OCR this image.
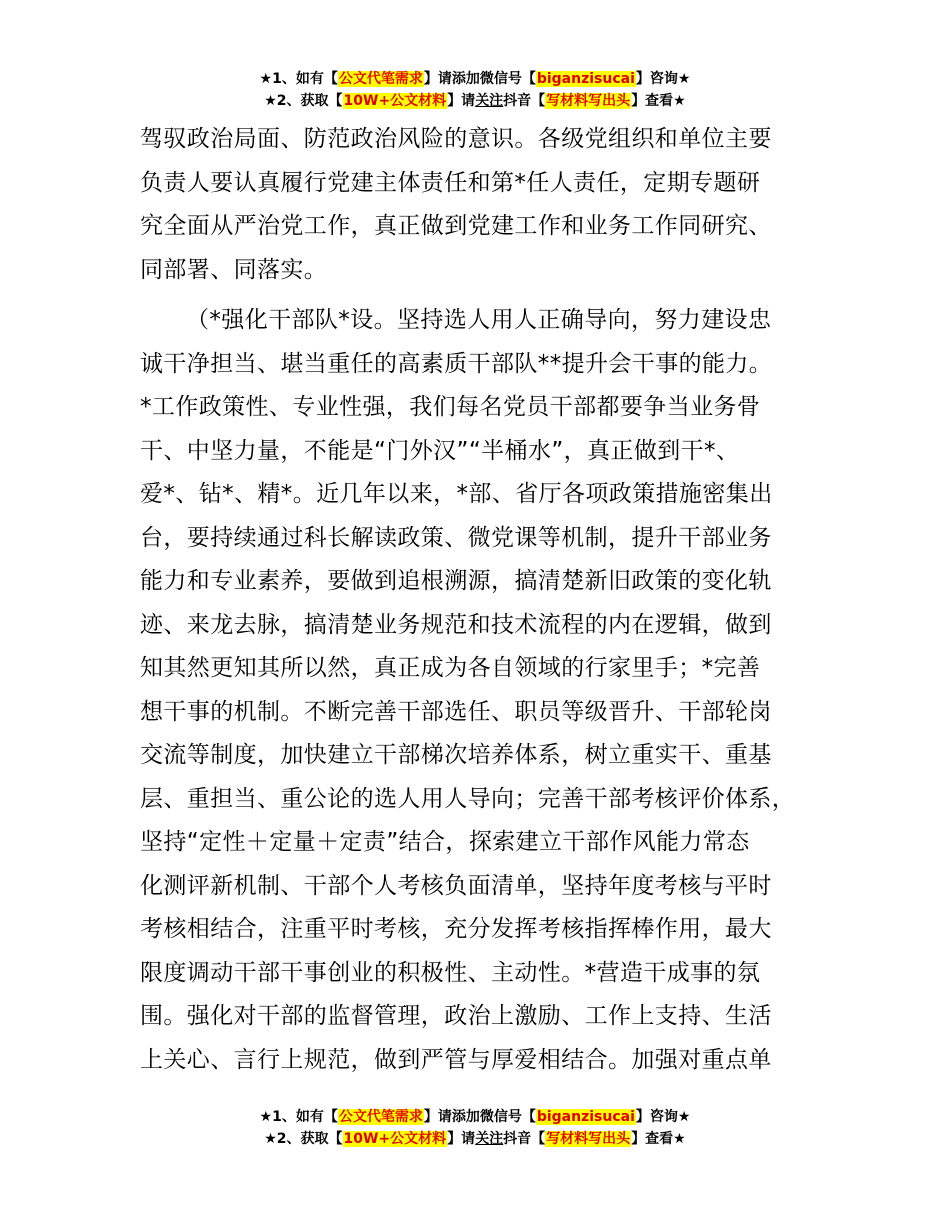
★1、如有【公文代笔需求】请添加微信号【biganzisucai】咨询★
★2、获取【10W+公文材料】请关注抖音【写材料写出头】查看★

驾驭政治局面、防范政治风险的意识。各级党组织和单位主要
负责人要认真履行党建主体责任和第*任人责任，定期专题研
究全面从严治党工作，真正做到党建工作和业务工作同研究、
同部署、同落实。

（*强化干部队*设。坚持选人用人正确导向，努力建设忠
诚干净担当、堪当重任的高素质干部队**提升会干事的能力。
*工作政策性、专业性强，我们每名党员干部都要争当业务骨
干、中坚力量，不能是“门外汉”“半桶水”，真正做到干*、
爱*、钻*、精*。近几年以来，*部、省厅各项政策措施密集出
台，要持续通过科长解读政策、微党课等机制，提升干部业务
能力和专业素养，要做到追根溯源，搞清楚新旧政策的变化轨
迹、来龙去脉，搞清楚业务规范和技术流程的内在逻辑，做到
知其然更知其所以然，真正成为各自领域的行家里手；*完善
想干事的机制。不断完善干部选任、职员等级晋升、干部轮岗
交流等制度，加快建立干部梯次培养体系，树立重实干、重基
层、重担当、重公论的选人用人导向；完善干部考核评价体系，
坚持“定性＋定量＋定责”结合，探索建立干部作风能力常态
化测评新机制、干部个人考核负面清单，坚持年度考核与平时
考核相结合，注重平时考核，充分发挥考核指挥棒作用，最大
限度调动干部干事创业的积极性、主动性。*营造干成事的氛
围。强化对干部的监督管理，政治上激励、工作上支持、生活
上关心、言行上规范，做到严管与厚爱相结合。加强对重点单

★1、如有【公文代笔需求】请添加微信号【biganzisucai】咨询★
★2、获取【10W+公文材料】请关注抖音【写材料写出头】查看★
